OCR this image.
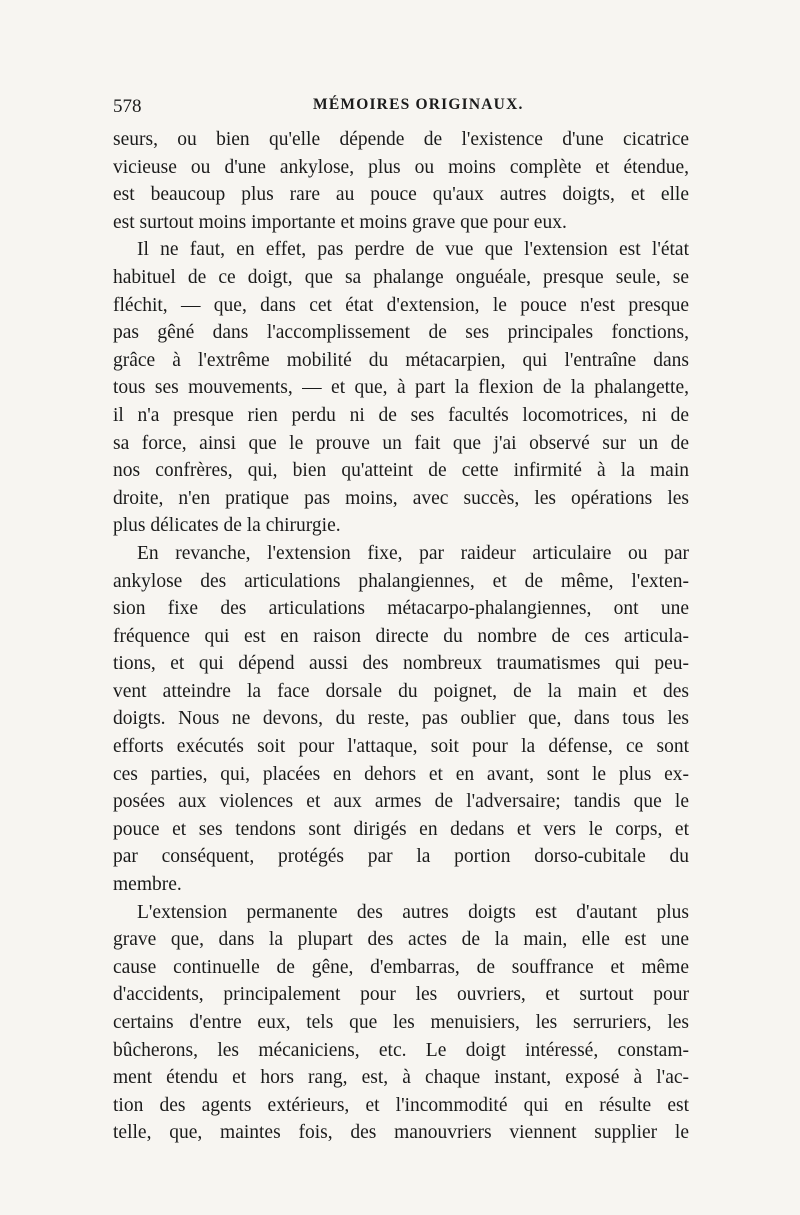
578	MÉMOIRES ORIGINAUX.

seurs, ou bien qu'elle dépende de l'existence d'une cicatrice
vicieuse ou d'une ankylose, plus ou moins complète et étendue,
est beaucoup plus rare au pouce qu'aux autres doigts, et elle
est surtout moins importante et moins grave que pour eux.

Il ne faut, en effet, pas perdre de vue que l'extension est l'état
habituel de ce doigt, que sa phalange onguéale, presque seule, se
fléchit, — que, dans cet état d'extension, le pouce n'est presque
pas gêné dans l'accomplissement de ses principales fonctions,
grâce à l'extrême mobilité du métacarpien, qui l'entraîne dans
tous ses mouvements, — et que, à part la flexion de la phalangette,
il n'a presque rien perdu ni de ses facultés locomotrices, ni de
sa force, ainsi que le prouve un fait que j'ai observé sur un de
nos confrères, qui, bien qu'atteint de cette infirmité à la main
droite, n'en pratique pas moins, avec succès, les opérations les
plus délicates de la chirurgie.

En revanche, l'extension fixe, par raideur articulaire ou par
ankylose des articulations phalangiennes, et de même, l'exten-
sion fixe des articulations métacarpo-phalangiennes, ont une
fréquence qui est en raison directe du nombre de ces articula-
tions, et qui dépend aussi des nombreux traumatismes qui peu-
vent atteindre la face dorsale du poignet, de la main et des
doigts. Nous ne devons, du reste, pas oublier que, dans tous les
efforts exécutés soit pour l'attaque, soit pour la défense, ce sont
ces parties, qui, placées en dehors et en avant, sont le plus ex-
posées aux violences et aux armes de l'adversaire; tandis que le
pouce et ses tendons sont dirigés en dedans et vers le corps, et
par conséquent, protégés par la portion dorso-cubitale du
membre.

L'extension permanente des autres doigts est d'autant plus
grave que, dans la plupart des actes de la main, elle est une
cause continuelle de gêne, d'embarras, de souffrance et même
d'accidents, principalement pour les ouvriers, et surtout pour
certains d'entre eux, tels que les menuisiers, les serruriers, les
bûcherons, les mécaniciens, etc. Le doigt intéressé, constam-
ment étendu et hors rang, est, à chaque instant, exposé à l'ac-
tion des agents extérieurs, et l'incommodité qui en résulte est
telle, que, maintes fois, des manouvriers viennent supplier le
